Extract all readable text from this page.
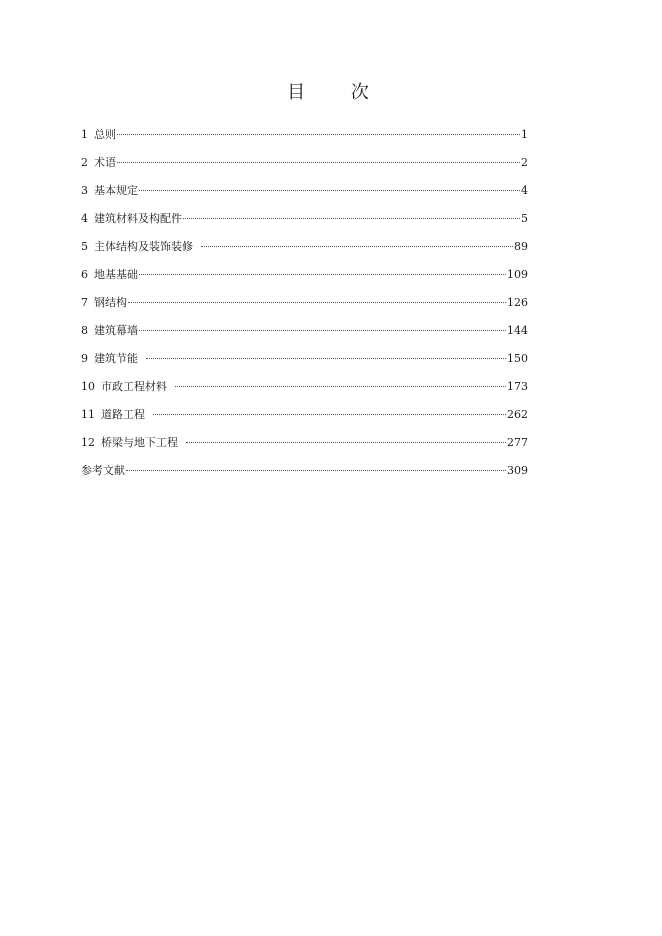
目 次
1 总则	1
2 术语	2
3 基本规定	4
4 建筑材料及构配件	5
5 主体结构及装饰装修	89
6 地基基础	109
7 钢结构	126
8 建筑幕墙	144
9 建筑节能	150
10 市政工程材料	173
11 道路工程	262
12 桥梁与地下工程	277
参考文献	309
